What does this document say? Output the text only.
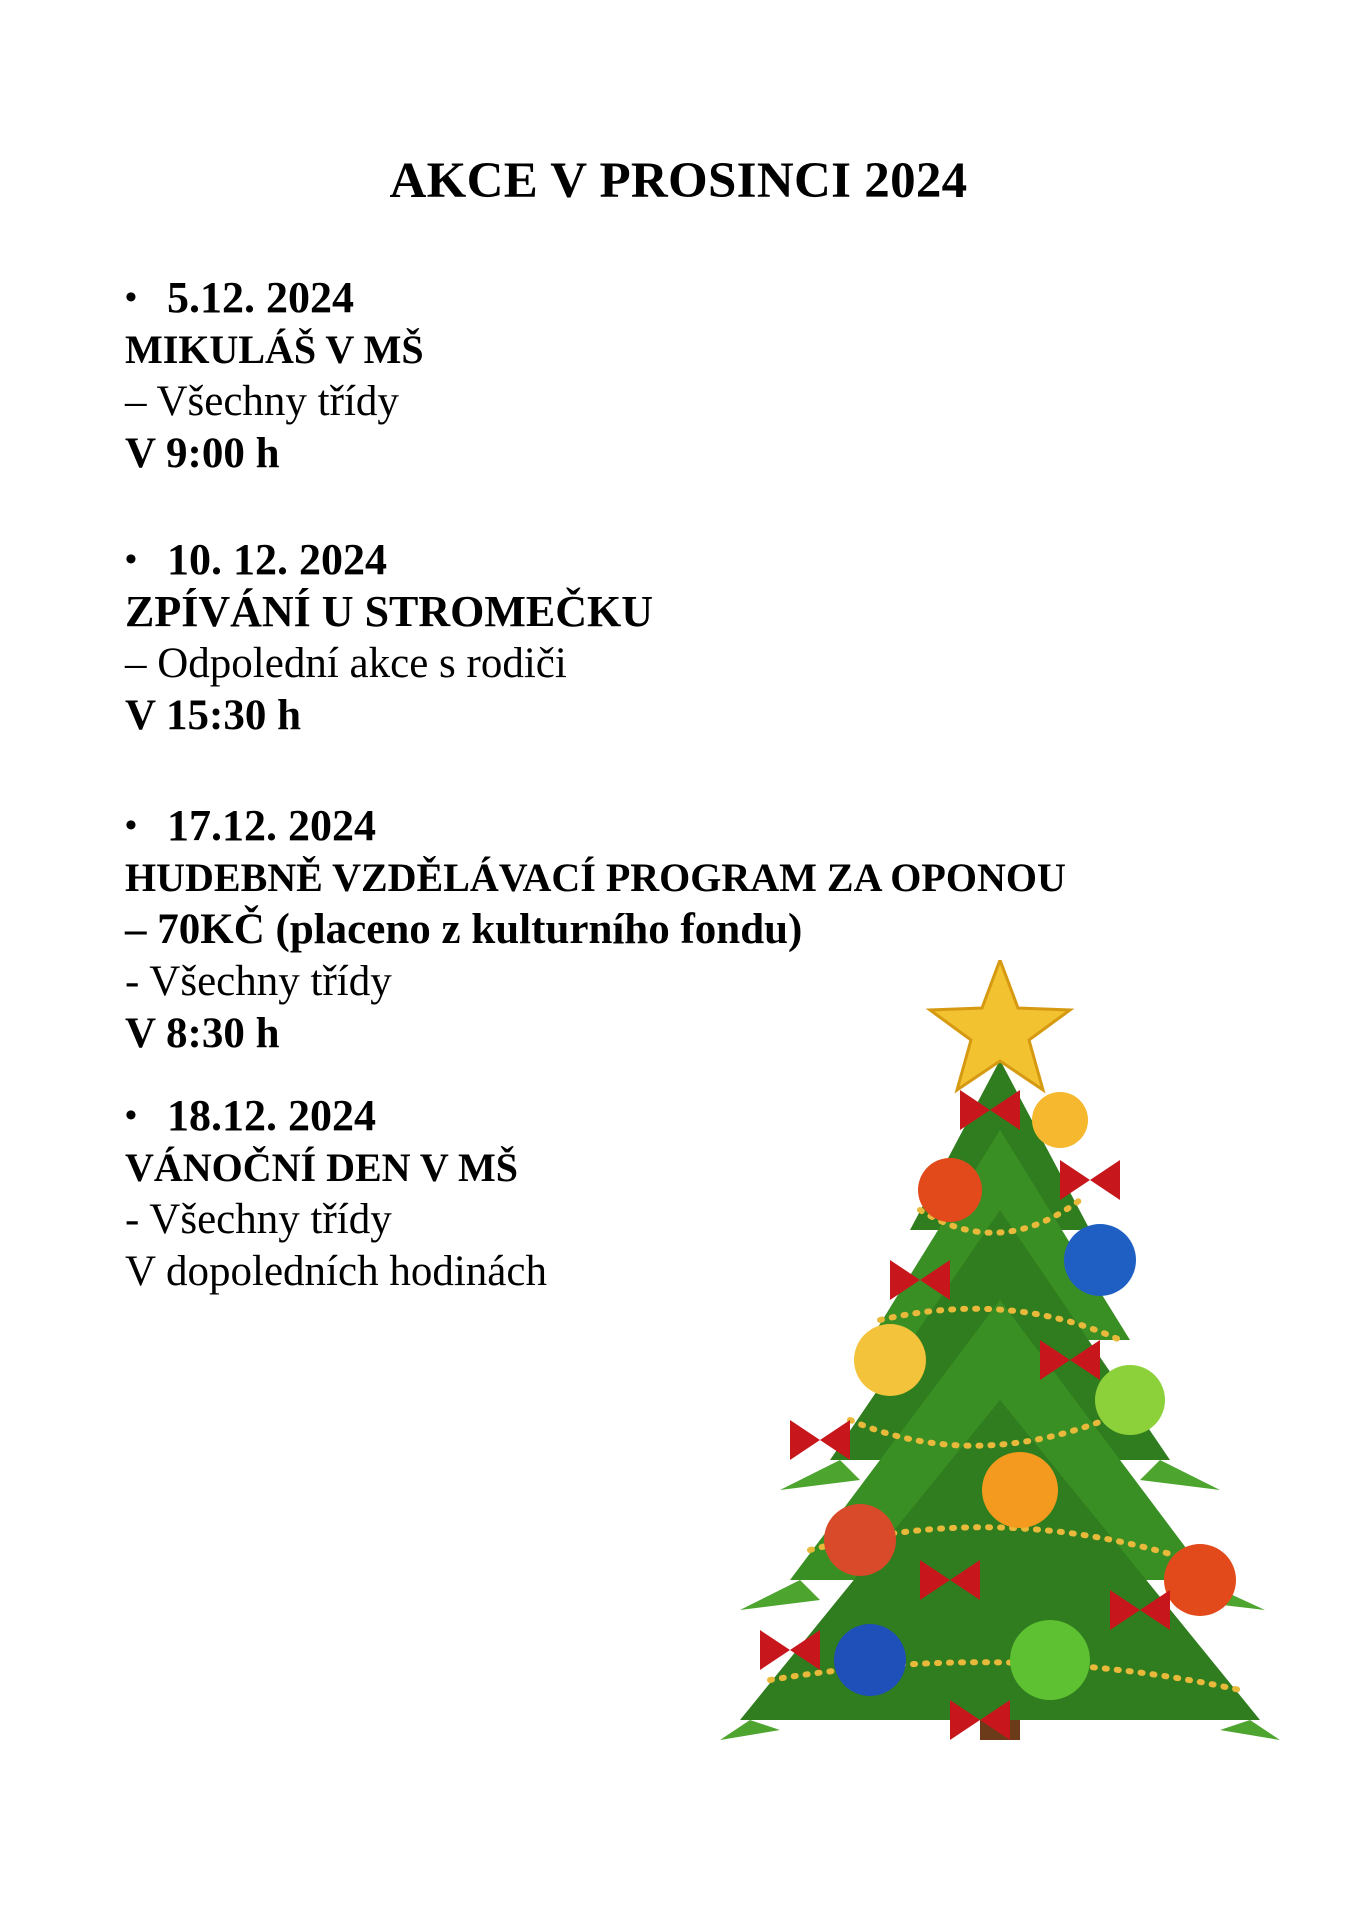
AKCE V PROSINCI 2024
• 5.12. 2024
MIKULÁŠ V MŠ
– Všechny třídy
V 9:00 h
• 10. 12. 2024
ZPÍVÁNÍ U STROMEČKU
– Odpolední akce s rodiči
V 15:30 h
• 17.12. 2024
HUDEBNĚ VZDĚLÁVACÍ PROGRAM ZA OPONOU
– 70KČ (placeno z kulturního fondu)
- Všechny třídy
V 8:30 h
• 18.12. 2024
VÁNOČNÍ DEN V MŠ
- Všechny třídy
V dopoledních hodinách
